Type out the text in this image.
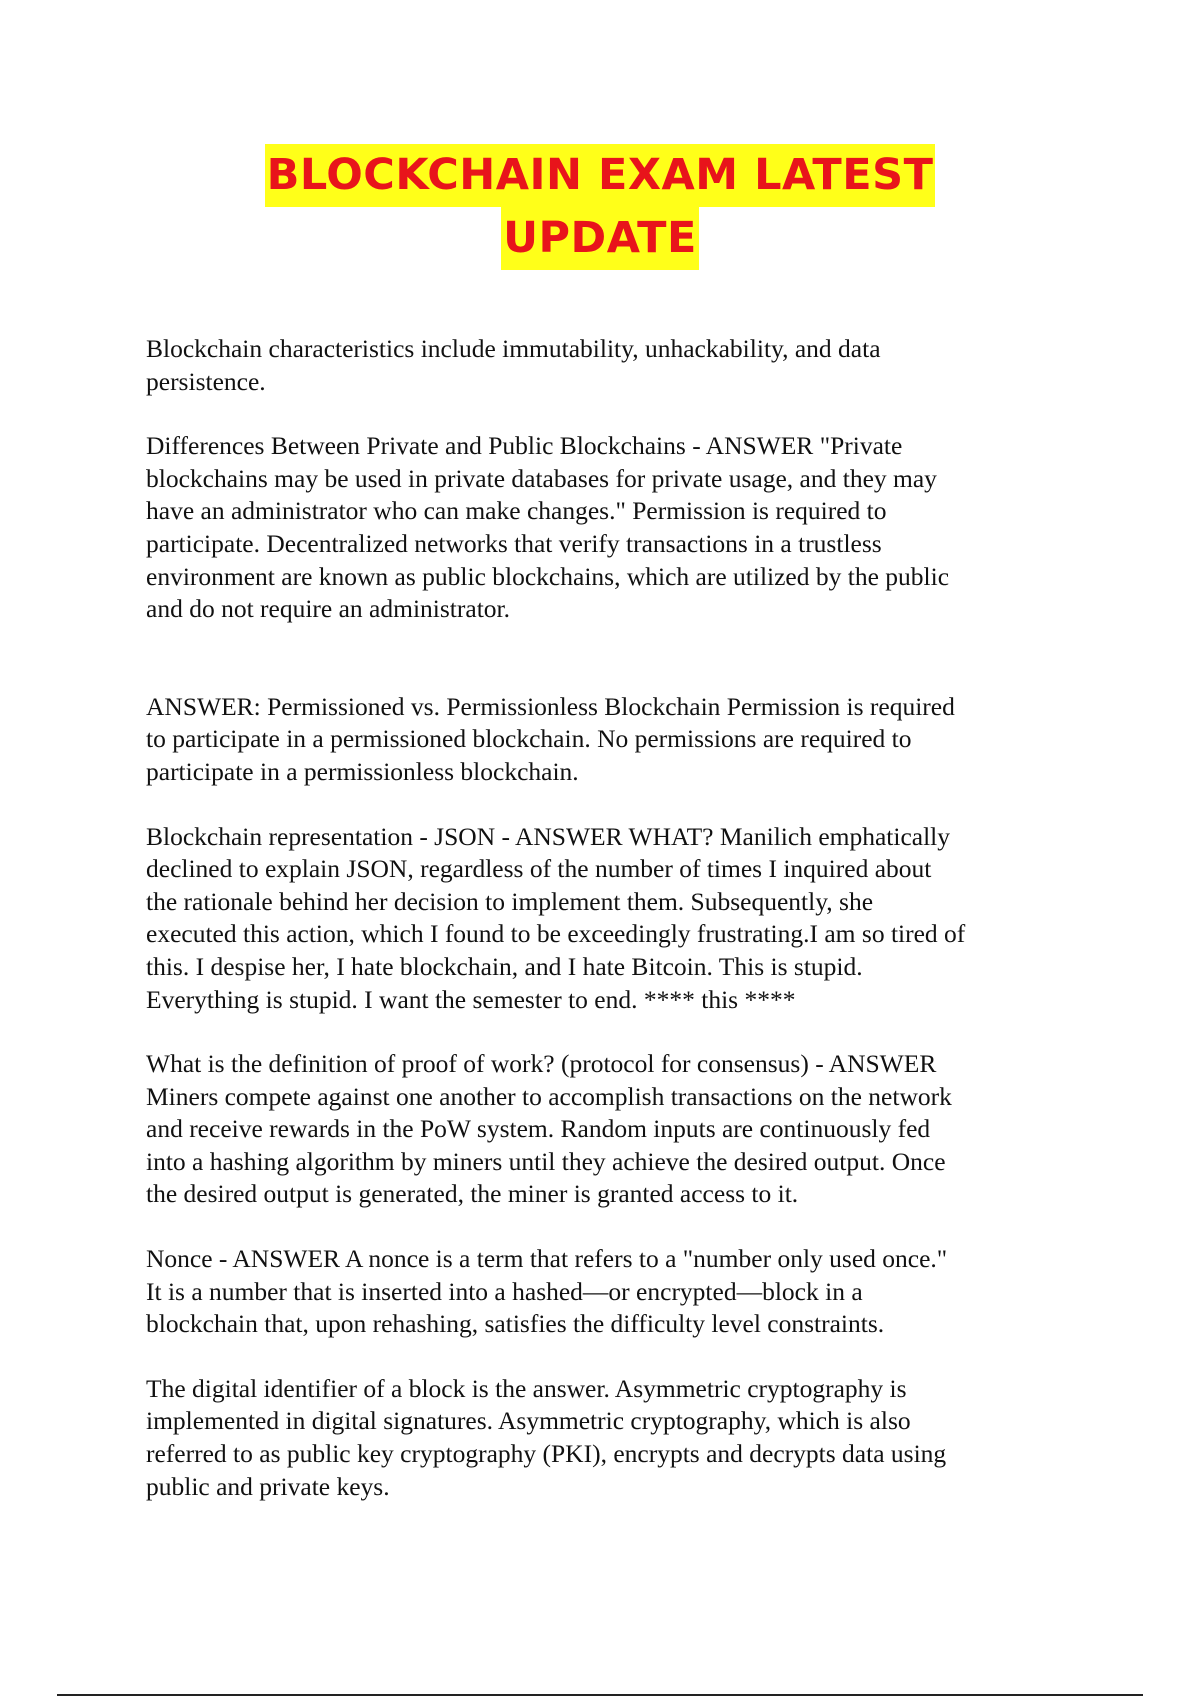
BLOCKCHAIN EXAM LATEST
UPDATE

Blockchain characteristics include immutability, unhackability, and data
persistence.

Differences Between Private and Public Blockchains - ANSWER "Private
blockchains may be used in private databases for private usage, and they may
have an administrator who can make changes." Permission is required to
participate. Decentralized networks that verify transactions in a trustless
environment are known as public blockchains, which are utilized by the public
and do not require an administrator.

ANSWER: Permissioned vs. Permissionless Blockchain Permission is required
to participate in a permissioned blockchain. No permissions are required to
participate in a permissionless blockchain.

Blockchain representation - JSON - ANSWER WHAT? Manilich emphatically
declined to explain JSON, regardless of the number of times I inquired about
the rationale behind her decision to implement them. Subsequently, she
executed this action, which I found to be exceedingly frustrating.I am so tired of
this. I despise her, I hate blockchain, and I hate Bitcoin. This is stupid.
Everything is stupid. I want the semester to end. **** this ****

What is the definition of proof of work? (protocol for consensus) - ANSWER
Miners compete against one another to accomplish transactions on the network
and receive rewards in the PoW system. Random inputs are continuously fed
into a hashing algorithm by miners until they achieve the desired output. Once
the desired output is generated, the miner is granted access to it.

Nonce - ANSWER A nonce is a term that refers to a "number only used once."
It is a number that is inserted into a hashed—or encrypted—block in a
blockchain that, upon rehashing, satisfies the difficulty level constraints.

The digital identifier of a block is the answer. Asymmetric cryptography is
implemented in digital signatures. Asymmetric cryptography, which is also
referred to as public key cryptography (PKI), encrypts and decrypts data using
public and private keys.
